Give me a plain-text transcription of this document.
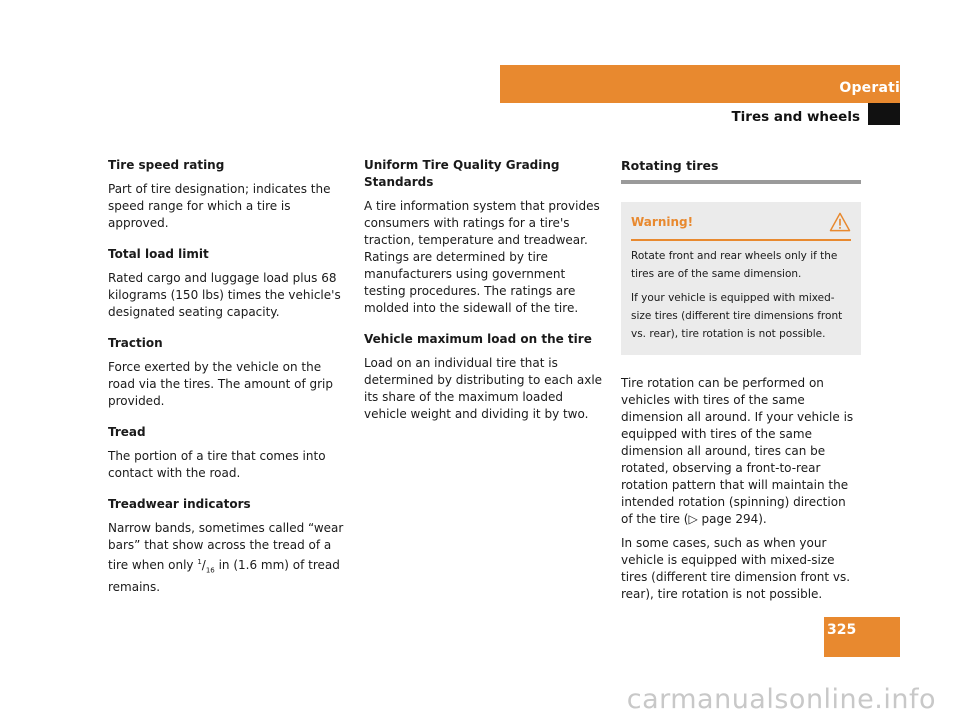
Operation
Tires and wheels

Tire speed rating

Part of tire designation; indicates the speed range for which a tire is approved.

Total load limit

Rated cargo and luggage load plus 68 kilograms (150 lbs) times the vehicle's designated seating capacity.

Traction

Force exerted by the vehicle on the road via the tires. The amount of grip provided.

Tread

The portion of a tire that comes into contact with the road.

Treadwear indicators

Narrow bands, sometimes called “wear bars” that show across the tread of a tire when only $^1/_{16}$ in (1.6 mm) of tread remains.

Uniform Tire Quality Grading Standards

A tire information system that provides consumers with ratings for a tire's traction, temperature and treadwear. Ratings are determined by tire manufacturers using government testing procedures. The ratings are molded into the sidewall of the tire.

Vehicle maximum load on the tire

Load on an individual tire that is determined by distributing to each axle its share of the maximum loaded vehicle weight and dividing it by two.

Rotating tires

Warning!

Rotate front and rear wheels only if the tires are of the same dimension.

If your vehicle is equipped with mixed-size tires (different tire dimensions front vs. rear), tire rotation is not possible.

Tire rotation can be performed on vehicles with tires of the same dimension all around. If your vehicle is equipped with tires of the same dimension all around, tires can be rotated, observing a front-to-rear rotation pattern that will maintain the intended rotation (spinning) direction of the tire (▷ page 294).

In some cases, such as when your vehicle is equipped with mixed-size tires (different tire dimension front vs. rear), tire rotation is not possible.

325
carmanualsonline.info
